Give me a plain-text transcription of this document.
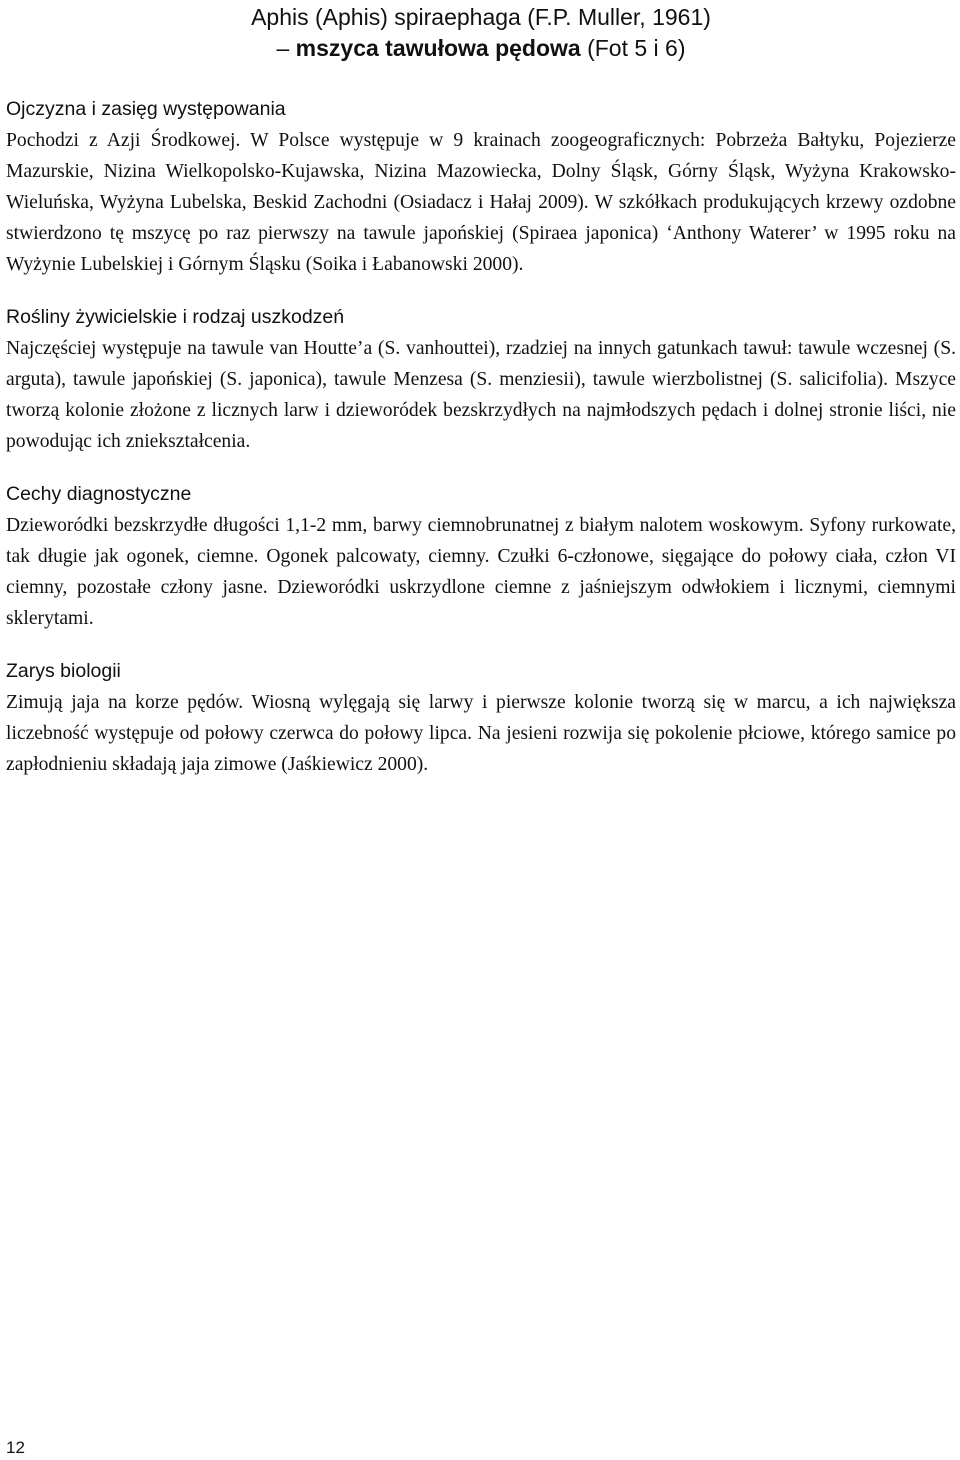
Aphis (Aphis) spiraephaga (F.P. Muller, 1961)
– mszyca tawułowa pędowa (Fot 5 i 6)
Ojczyzna i zasięg występowania
Pochodzi z Azji Środkowej. W Polsce występuje w 9 krainach zoogeograficznych: Pobrzeża Bałtyku, Pojezierze Mazurskie, Nizina Wielkopolsko-Kujawska, Nizina Mazowiecka, Dolny Śląsk, Górny Śląsk, Wyżyna Krakowsko-Wieluńska, Wyżyna Lubelska, Beskid Zachodni (Osiadacz i Hałaj 2009). W szkółkach produkujących krzewy ozdobne stwierdzono tę mszycę po raz pierwszy na tawule japońskiej (Spiraea japonica) ‘Anthony Waterer’ w 1995 roku na Wyżynie Lubelskiej i Górnym Śląsku (Soika i Łabanowski 2000).
Rośliny żywicielskie i rodzaj uszkodzeń
Najczęściej występuje na tawule van Houtte’a (S. vanhouttei), rzadziej na innych gatunkach tawuł: tawule wczesnej (S. arguta), tawule japońskiej (S. japonica), tawule Menzesa (S. menziesii), tawule wierzbolistnej (S. salicifolia). Mszyce tworzą kolonie złożone z licznych larw i dzieworódek bezskrzydłych na najmłodszych pędach i dolnej stronie liści, nie powodując ich zniekształcenia.
Cechy diagnostyczne
Dzieworódki bezskrzydłe długości 1,1-2 mm, barwy ciemnobrunatnej z białym nalotem woskowym. Syfony rurkowate, tak długie jak ogonek, ciemne. Ogonek palcowaty, ciemny. Czułki 6-członowe, sięgające do połowy ciała, człon VI ciemny, pozostałe człony jasne. Dzieworódki uskrzydlone ciemne z jaśniejszym odwłokiem i licznymi, ciemnymi sklerytami.
Zarys biologii
Zimują jaja na korze pędów. Wiosną wylęgają się larwy i pierwsze kolonie tworzą się w marcu, a ich największa liczebność występuje od połowy czerwca do połowy lipca. Na jesieni rozwija się pokolenie płciowe, którego samice po zapłodnieniu składają jaja zimowe (Jaśkiewicz 2000).
12
